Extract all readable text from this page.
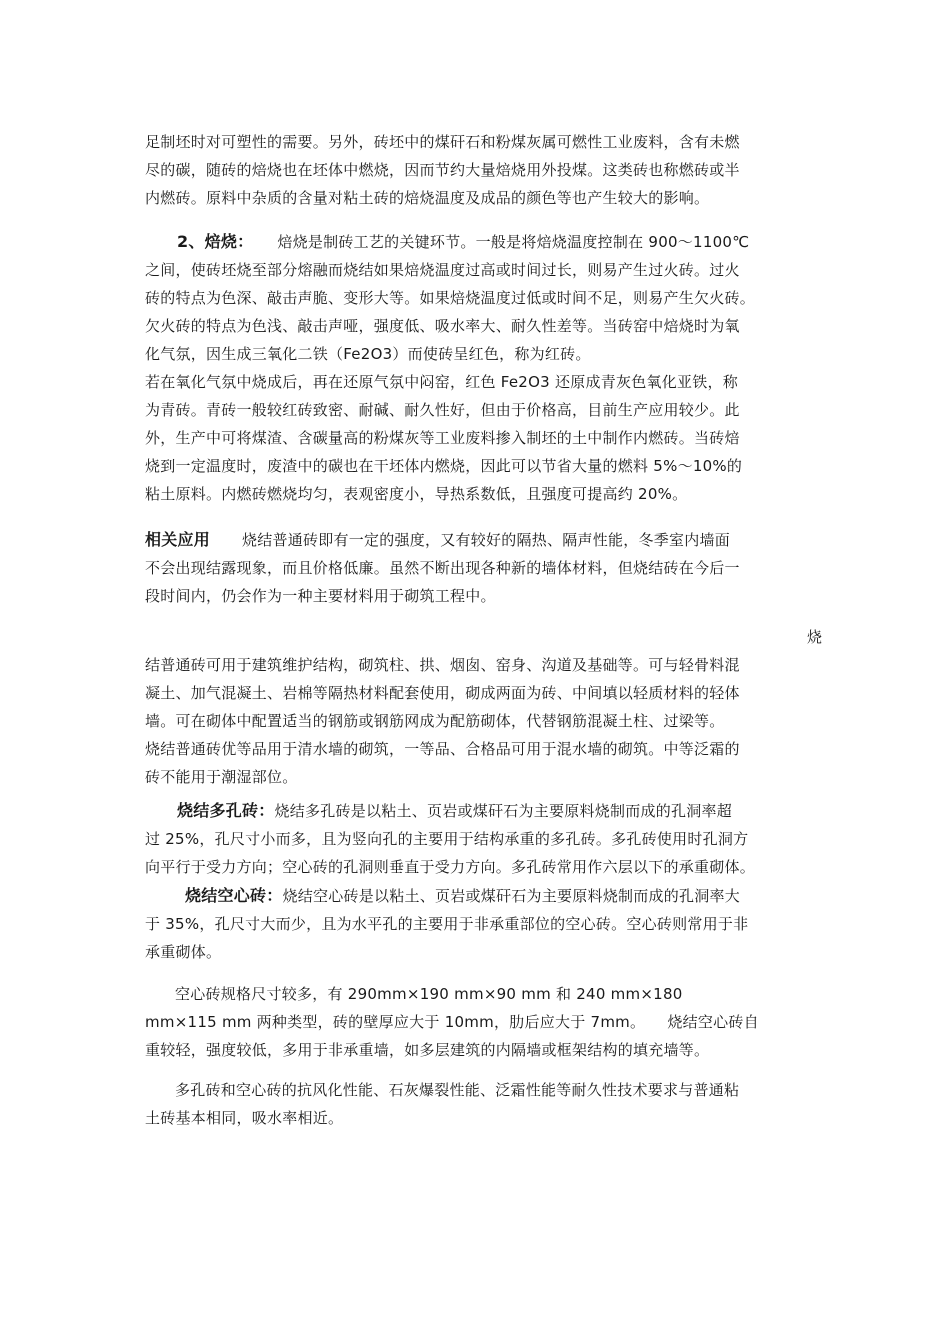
足制坯时对可塑性的需要。另外，砖坯中的煤矸石和粉煤灰属可燃性工业废料，含有未燃
尽的碳，随砖的焙烧也在坯体中燃烧，因而节约大量焙烧用外投煤。这类砖也称燃砖或半
内燃砖。原料中杂质的含量对粘土砖的焙烧温度及成品的颜色等也产生较大的影响。
2、焙烧： 焙烧是制砖工艺的关键环节。一般是将焙烧温度控制在 900～1100℃
之间，使砖坯烧至部分熔融而烧结如果焙烧温度过高或时间过长，则易产生过火砖。过火
砖的特点为色深、敲击声脆、变形大等。如果焙烧温度过低或时间不足，则易产生欠火砖。
欠火砖的特点为色浅、敲击声哑，强度低、吸水率大、耐久性差等。当砖窑中焙烧时为氧
化气氛，因生成三氧化二铁（Fe2O3）而使砖呈红色，称为红砖。
若在氧化气氛中烧成后，再在还原气氛中闷窑，红色 Fe2O3 还原成青灰色氧化亚铁，称
为青砖。青砖一般较红砖致密、耐碱、耐久性好，但由于价格高，目前生产应用较少。此
外，生产中可将煤渣、含碳量高的粉煤灰等工业废料掺入制坯的土中制作内燃砖。当砖焙
烧到一定温度时，废渣中的碳也在干坯体内燃烧，因此可以节省大量的燃料 5%～10%的
粘土原料。内燃砖燃烧均匀，表观密度小，导热系数低，且强度可提高约 20%。
相关应用 烧结普通砖即有一定的强度，又有较好的隔热、隔声性能，冬季室内墙面
不会出现结露现象，而且价格低廉。虽然不断出现各种新的墙体材料，但烧结砖在今后一
段时间内，仍会作为一种主要材料用于砌筑工程中。
烧
结普通砖可用于建筑维护结构，砌筑柱、拱、烟囱、窑身、沟道及基础等。可与轻骨料混
凝土、加气混凝土、岩棉等隔热材料配套使用，砌成两面为砖、中间填以轻质材料的轻体
墙。可在砌体中配置适当的钢筋或钢筋网成为配筋砌体，代替钢筋混凝土柱、过梁等。
烧结普通砖优等品用于清水墙的砌筑，一等品、合格品可用于混水墙的砌筑。中等泛霜的
砖不能用于潮湿部位。
烧结多孔砖：烧结多孔砖是以粘土、页岩或煤矸石为主要原料烧制而成的孔洞率超
过 25%，孔尺寸小而多，且为竖向孔的主要用于结构承重的多孔砖。多孔砖使用时孔洞方
向平行于受力方向；空心砖的孔洞则垂直于受力方向。多孔砖常用作六层以下的承重砌体。
烧结空心砖：烧结空心砖是以粘土、页岩或煤矸石为主要原料烧制而成的孔洞率大
于 35%，孔尺寸大而少，且为水平孔的主要用于非承重部位的空心砖。空心砖则常用于非
承重砌体。
空心砖规格尺寸较多，有 290mm×190 mm×90 mm 和 240 mm×180
mm×115 mm 两种类型，砖的壁厚应大于 10mm，肋后应大于 7mm。 烧结空心砖自
重较轻，强度较低，多用于非承重墙，如多层建筑的内隔墙或框架结构的填充墙等。
多孔砖和空心砖的抗风化性能、石灰爆裂性能、泛霜性能等耐久性技术要求与普通粘
土砖基本相同，吸水率相近。
